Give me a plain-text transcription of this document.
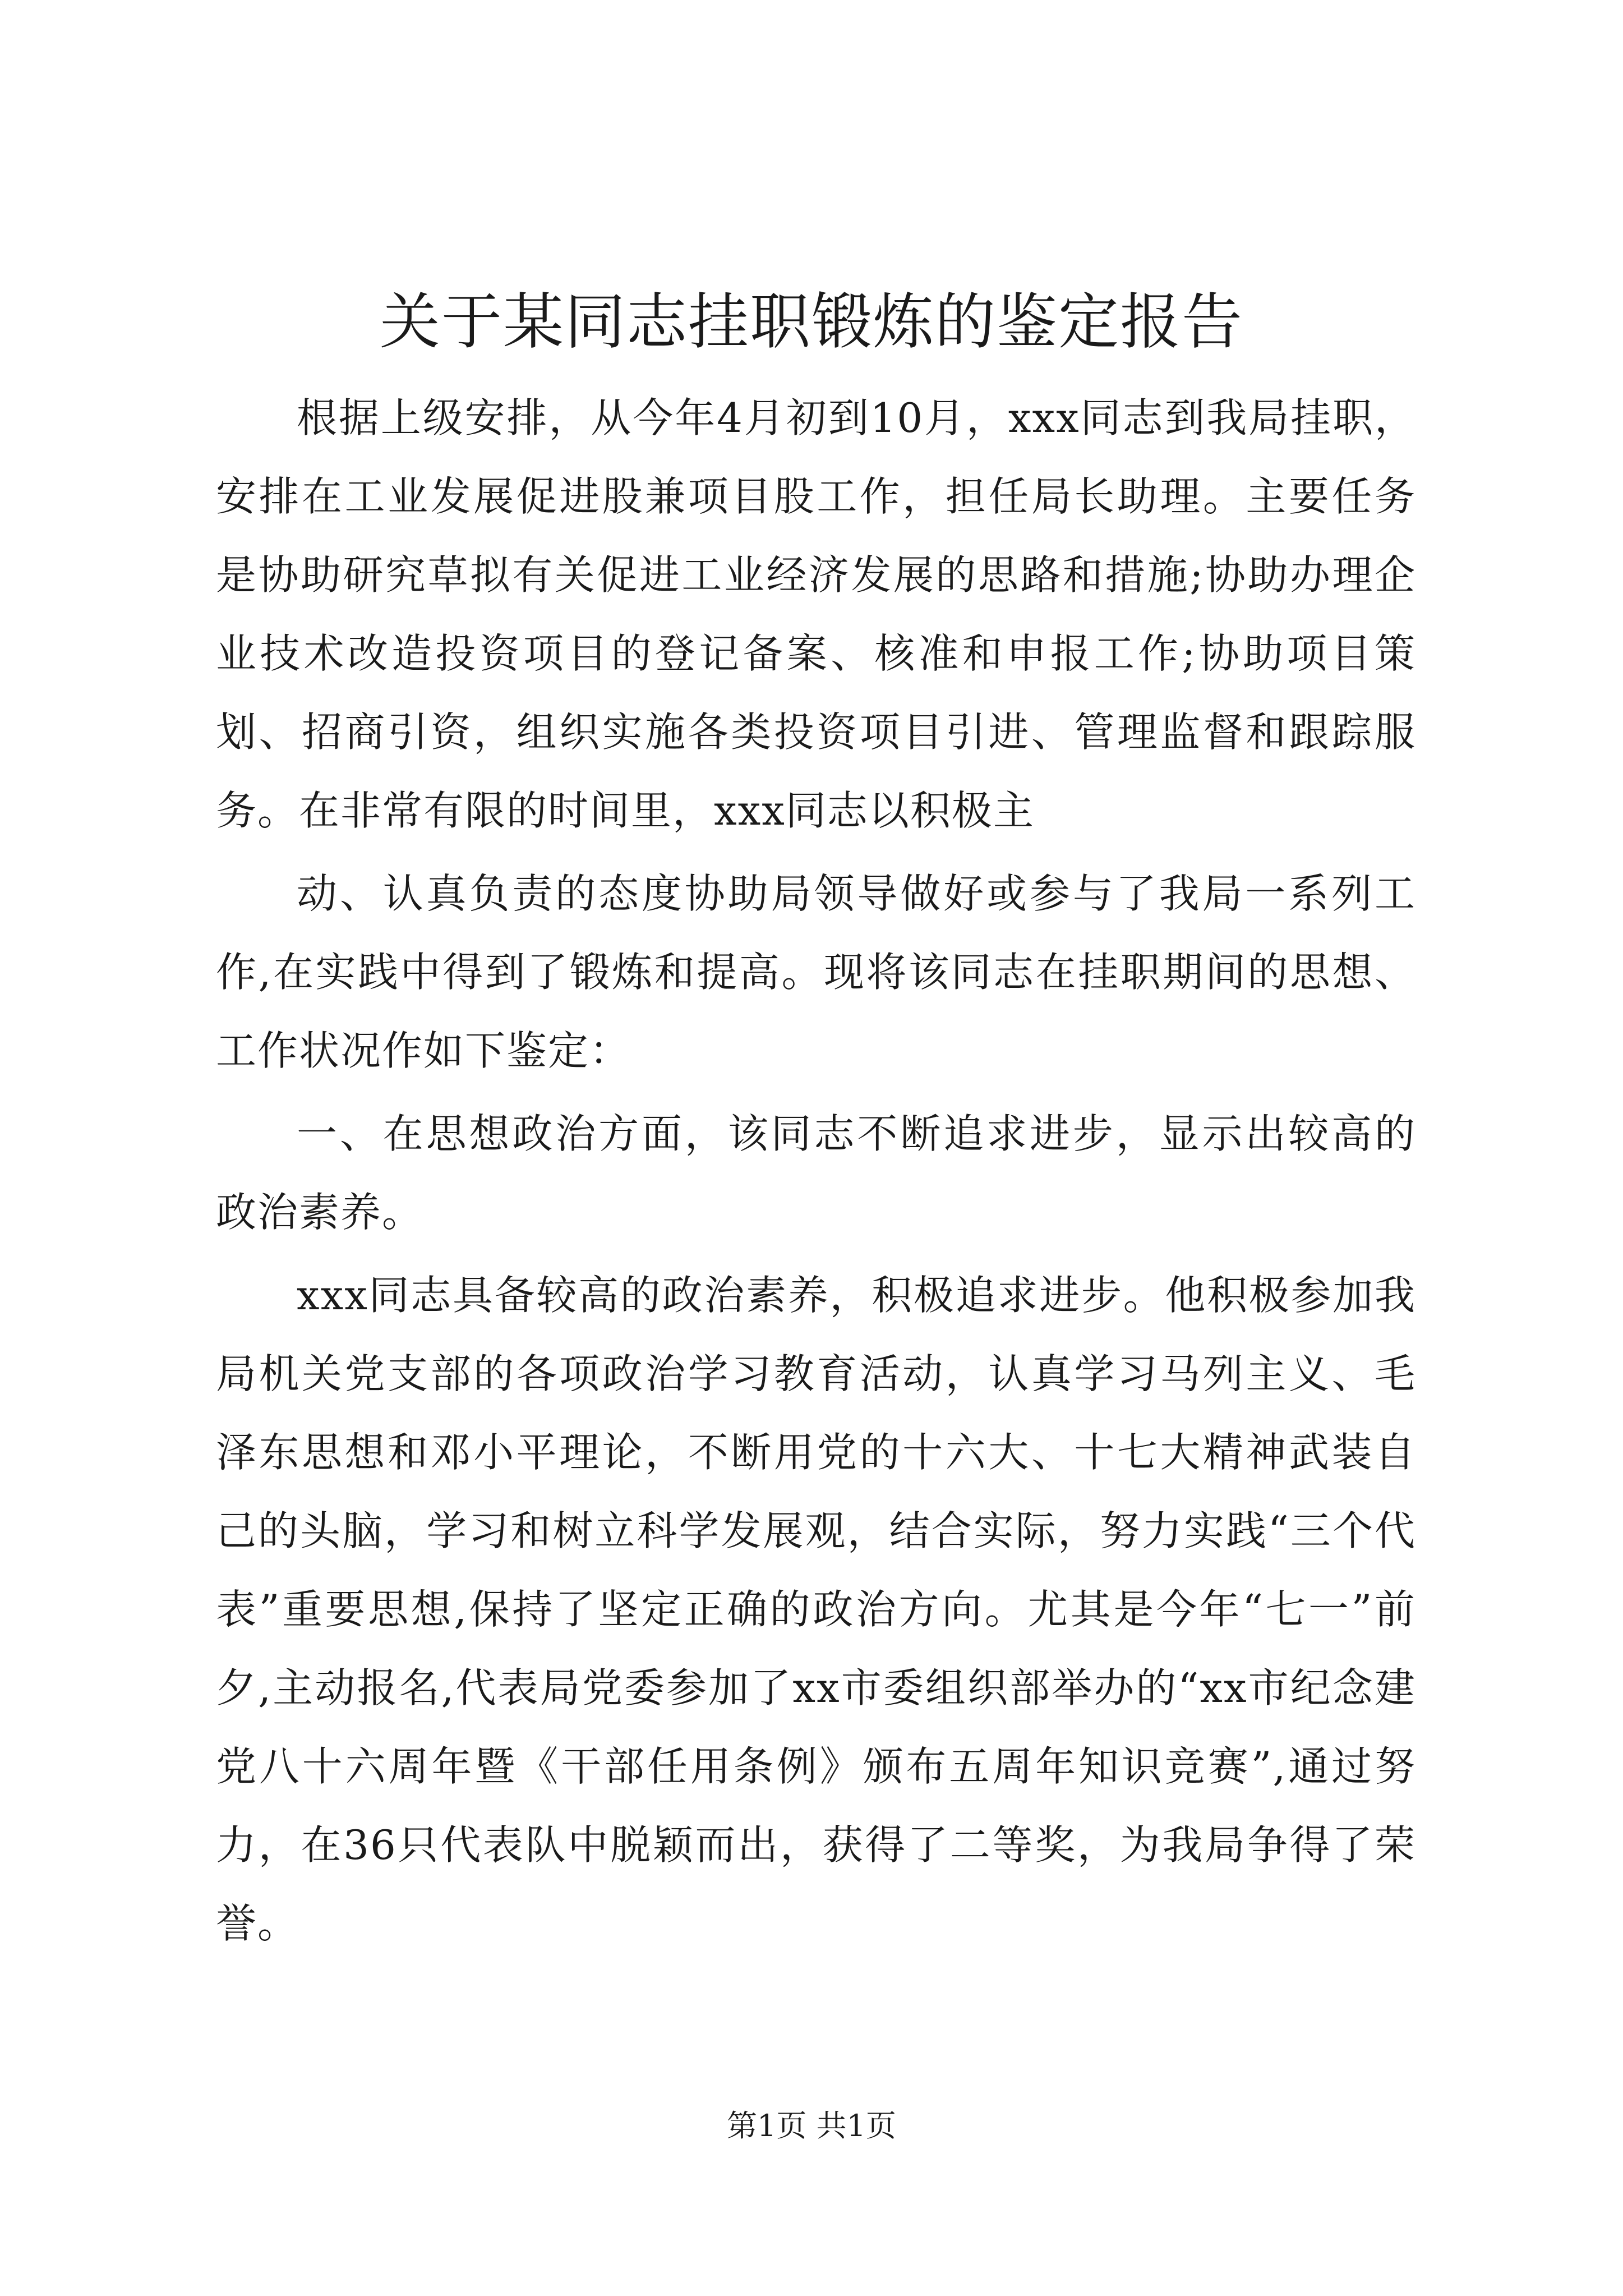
关于某同志挂职锻炼的鉴定报告

根据上级安排，从今年4月初到10月，xxx同志到我局挂职，安排在工业发展促进股兼项目股工作，担任局长助理。主要任务是协助研究草拟有关促进工业经济发展的思路和措施;协助办理企业技术改造投资项目的登记备案、核准和申报工作;协助项目策划、招商引资，组织实施各类投资项目引进、管理监督和跟踪服务。在非常有限的时间里，xxx同志以积极主

动、认真负责的态度协助局领导做好或参与了我局一系列工作,在实践中得到了锻炼和提高。现将该同志在挂职期间的思想、工作状况作如下鉴定：

一、在思想政治方面，该同志不断追求进步，显示出较高的政治素养。

xxx同志具备较高的政治素养，积极追求进步。他积极参加我局机关党支部的各项政治学习教育活动，认真学习马列主义、毛泽东思想和邓小平理论，不断用党的十六大、十七大精神武装自己的头脑，学习和树立科学发展观，结合实际，努力实践“三个代表”重要思想,保持了坚定正确的政治方向。尤其是今年“七一”前夕,主动报名,代表局党委参加了xx市委组织部举办的“xx市纪念建党八十六周年暨《干部任用条例》颁布五周年知识竞赛”,通过努力，在36只代表队中脱颖而出，获得了二等奖，为我局争得了荣誉。

第1页 共1页
